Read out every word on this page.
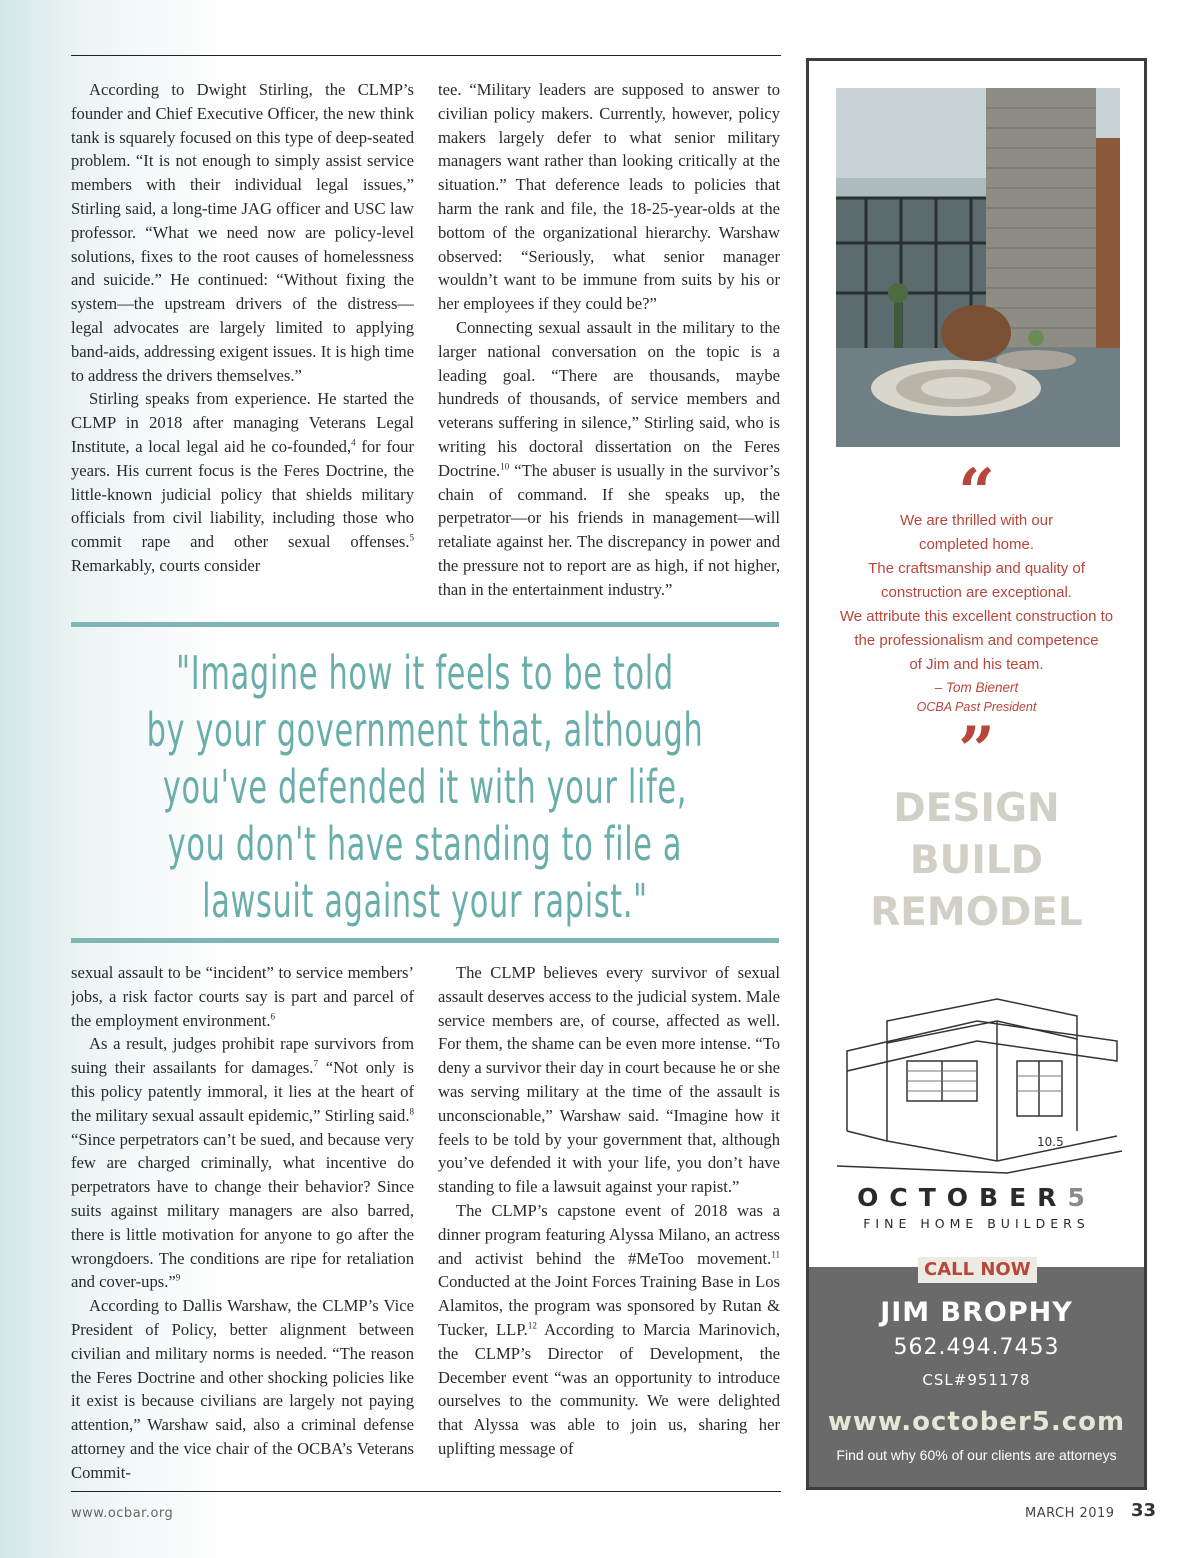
According to Dwight Stirling, the CLMP’s founder and Chief Executive Officer, the new think tank is squarely focused on this type of deep-seated problem. “It is not enough to simply assist service members with their individual legal issues,” Stirling said, a long-time JAG officer and USC law professor. “What we need now are policy-level solutions, fixes to the root causes of homelessness and suicide.” He continued: “Without fixing the system—the upstream drivers of the distress—legal advocates are largely limited to applying band-aids, addressing exigent issues. It is high time to address the drivers themselves.”

Stirling speaks from experience. He started the CLMP in 2018 after managing Veterans Legal Institute, a local legal aid he co-founded,$^4$ for four years. His current focus is the Feres Doctrine, the little-known judicial policy that shields military officials from civil liability, including those who commit rape and other sexual offenses.$^5$ Remarkably, courts consider

tee. “Military leaders are supposed to answer to civilian policy makers. Currently, however, policy makers largely defer to what senior military managers want rather than looking critically at the situation.” That deference leads to policies that harm the rank and file, the 18-25-year-olds at the bottom of the organizational hierarchy. Warshaw observed: “Seriously, what senior manager wouldn’t want to be immune from suits by his or her employees if they could be?”

Connecting sexual assault in the military to the larger national conversation on the topic is a leading goal. “There are thousands, maybe hundreds of thousands, of service members and veterans suffering in silence,” Stirling said, who is writing his doctoral dissertation on the Feres Doctrine.$^{10}$ “The abuser is usually in the survivor’s chain of command. If she speaks up, the perpetrator—or his friends in management—will retaliate against her. The discrepancy in power and the pressure not to report are as high, if not higher, than in the entertainment industry.”

"Imagine how it feels to be told
by your government that, although
you've defended it with your life,
you don't have standing to file a
lawsuit against your rapist."

sexual assault to be “incident” to service members’ jobs, a risk factor courts say is part and parcel of the employment environment.$^6$

As a result, judges prohibit rape survivors from suing their assailants for damages.$^7$ “Not only is this policy patently immoral, it lies at the heart of the military sexual assault epidemic,” Stirling said.$^8$ “Since perpetrators can’t be sued, and because very few are charged criminally, what incentive do perpetrators have to change their behavior? Since suits against military managers are also barred, there is little motivation for anyone to go after the wrongdoers. The conditions are ripe for retaliation and cover-ups.”$^9$

According to Dallis Warshaw, the CLMP’s Vice President of Policy, better alignment between civilian and military norms is needed. “The reason the Feres Doctrine and other shocking policies like it exist is because civilians are largely not paying attention,” Warshaw said, also a criminal defense attorney and the vice chair of the OCBA’s Veterans Commit-

The CLMP believes every survivor of sexual assault deserves access to the judicial system. Male service members are, of course, affected as well. For them, the shame can be even more intense. “To deny a survivor their day in court because he or she was serving military at the time of the assault is unconscionable,” Warshaw said. “Imagine how it feels to be told by your government that, although you’ve defended it with your life, you don’t have standing to file a lawsuit against your rapist.”

The CLMP’s capstone event of 2018 was a dinner program featuring Alyssa Milano, an actress and activist behind the #MeToo movement.$^{11}$ Conducted at the Joint Forces Training Base in Los Alamitos, the program was sponsored by Rutan & Tucker, LLP.$^{12}$ According to Marcia Marinovich, the CLMP’s Director of Development, the December event “was an opportunity to introduce ourselves to the community. We were delighted that Alyssa was able to join us, sharing her uplifting message of

“
We are thrilled with our
completed home.
The craftsmanship and quality of
construction are exceptional.
We attribute this excellent construction to
the professionalism and competence
of Jim and his team.
– Tom Bienert
OCBA Past President
”
DESIGN
BUILD
REMODEL
10.5
OCTOBER5
FINE HOME BUILDERS
CALL NOW
JIM BROPHY
562.494.7453
CSL#951178
www.october5.com
Find out why 60% of our clients are attorneys
www.ocbar.org	MARCH 2019 33
